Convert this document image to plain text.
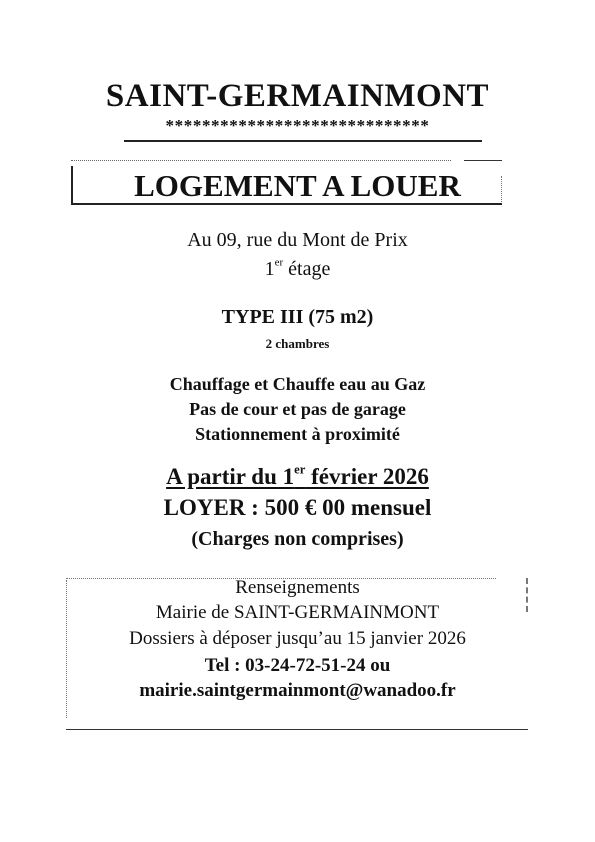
SAINT-GERMAINMONT
*****************************
LOGEMENT A LOUER
Au 09, rue du Mont de Prix
1er étage
TYPE III (75 m2)
2 chambres
Chauffage et Chauffe eau au Gaz
Pas de cour et pas de garage
Stationnement à proximité
A partir du 1er février 2026
LOYER : 500 € 00 mensuel
(Charges non comprises)
Renseignements
Mairie de SAINT-GERMAINMONT
Dossiers à déposer jusqu’au 15 janvier 2026
Tel : 03-24-72-51-24 ou
mairie.saintgermainmont@wanadoo.fr
